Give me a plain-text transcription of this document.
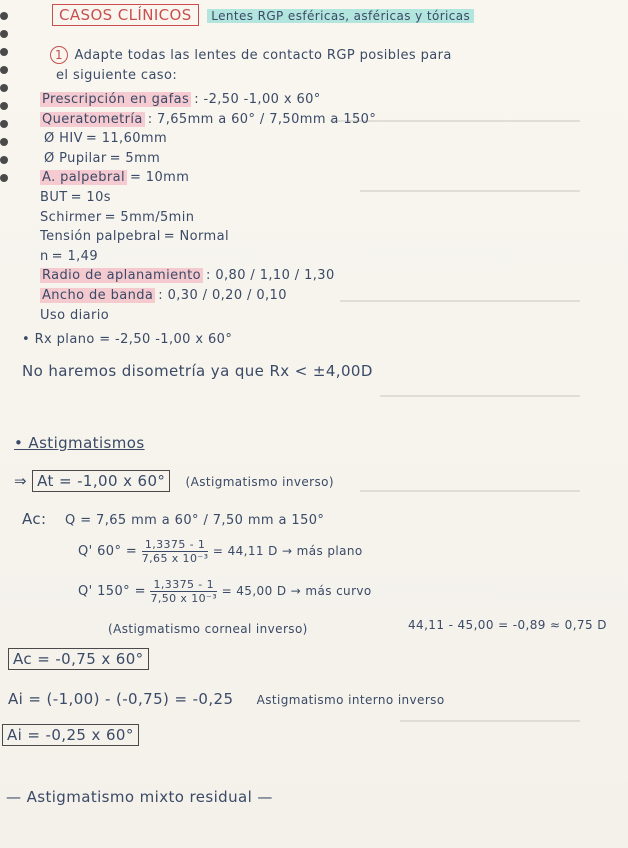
CASOS CLÍNICOS Lentes RGP esféricas, asféricas y tóricas
1 Adapte todas las lentes de contacto RGP posibles para
el siguiente caso:
Prescripción en gafas : -2,50 -1,00 x 60°
Queratometría : 7,65mm a 60° / 7,50mm a 150°
Ø HIV = 11,60mm
Ø Pupilar = 5mm
A. palpebral = 10mm
BUT = 10s
Schirmer = 5mm/5min
Tensión palpebral = Normal
n = 1,49
Radio de aplanamiento : 0,80 / 1,10 / 1,30
Ancho de banda : 0,30 / 0,20 / 0,10
Uso diario
• Rx plano = -2,50 -1,00 x 60°
No haremos disometría ya que Rx < ±4,00D
• Astigmatismos
⇒ At = -1,00 x 60° (Astigmatismo inverso)
Ac: Q = 7,65 mm a 60° / 7,50 mm a 150°
Q' $60^\circ = \frac{1,3375 - 1}{\text{7,65 x 10⁻³}} = 44,11$ D → más plano
Q' $150^\circ = \frac{1,3375 - 1}{\text{7,50 x 10⁻³}} = 45,00$ D → más curvo
(Astigmatismo corneal inverso)	44,11 - 45,00 = -0,89 ≈ 0,75 D
Ac = -0,75 x 60°
Ai = (-1,00) - (-0,75) = -0,25 Astigmatismo interno inverso
Ai = -0,25 x 60°
— Astigmatismo mixto residual —
